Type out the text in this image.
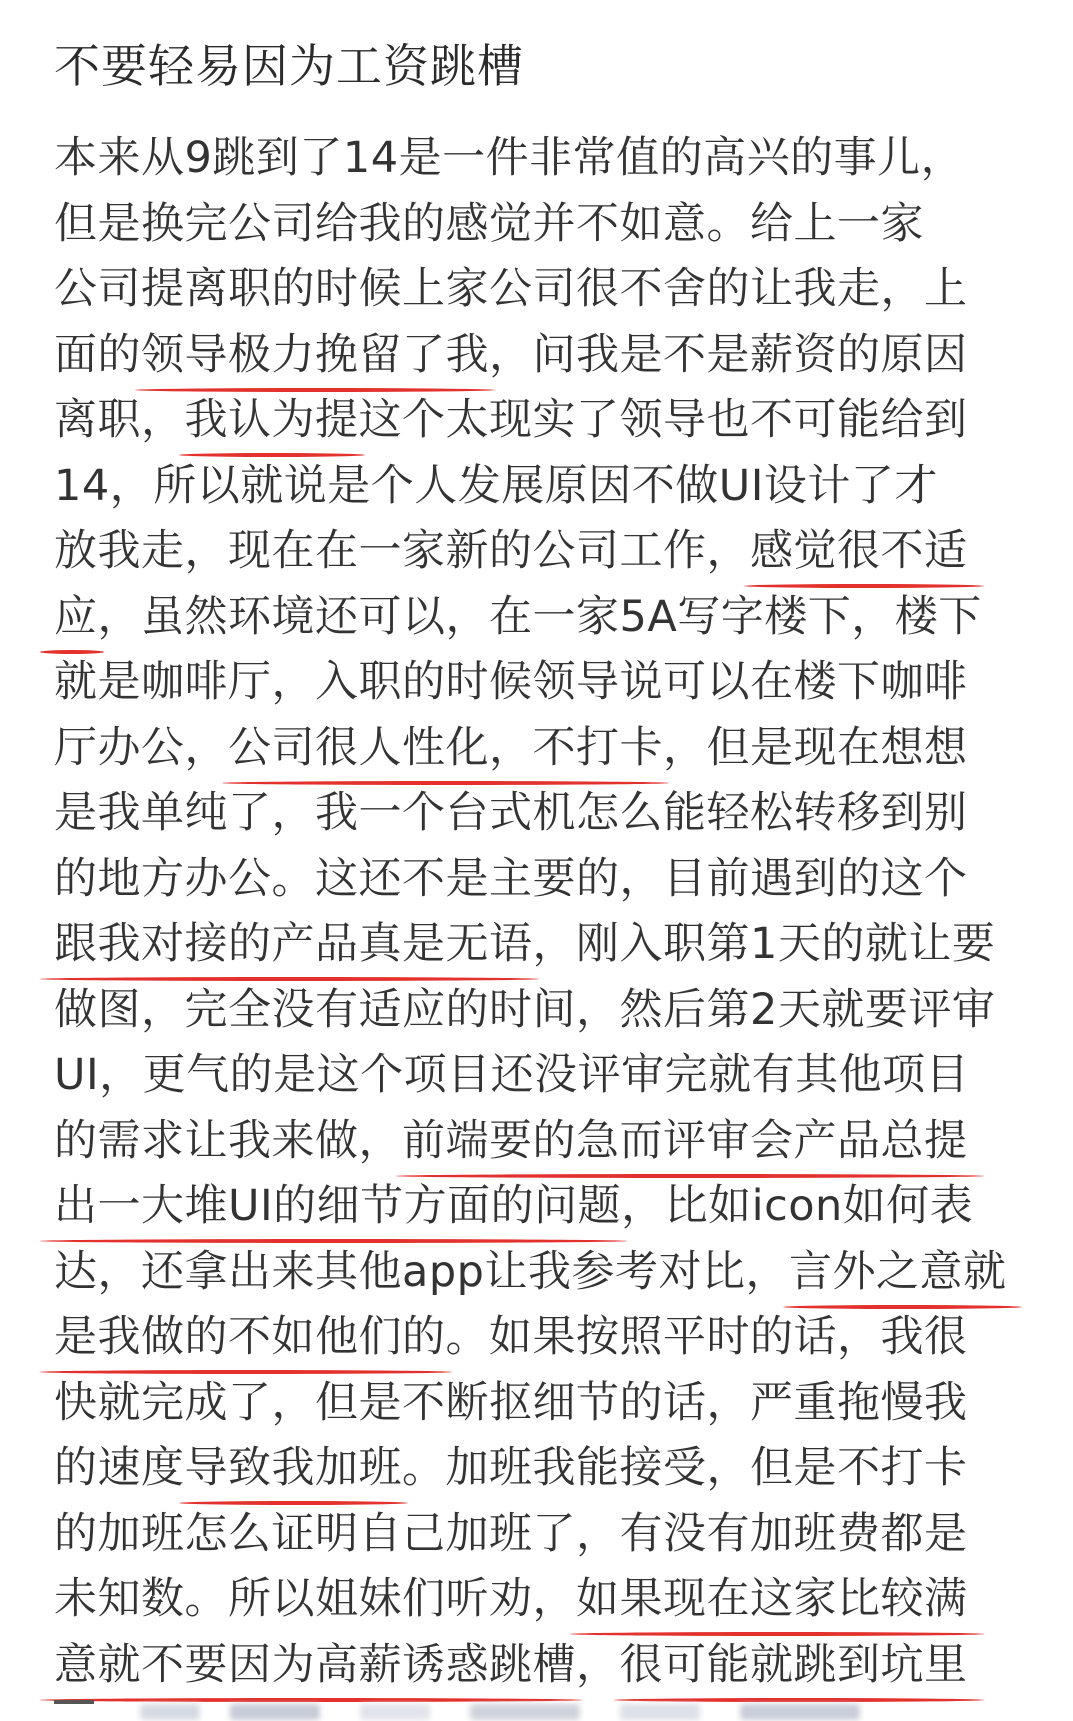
不要轻易因为工资跳槽
本来从9跳到了14是一件非常值的高兴的事儿，
但是换完公司给我的感觉并不如意。给上一家
公司提离职的时候上家公司很不舍的让我走，上
面的领导极力挽留了我，问我是不是薪资的原因
离职，我认为提这个太现实了领导也不可能给到
14，所以就说是个人发展原因不做UI设计了才
放我走，现在在一家新的公司工作，感觉很不适
应，虽然环境还可以，在一家5A写字楼下，楼下
就是咖啡厅，入职的时候领导说可以在楼下咖啡
厅办公，公司很人性化，不打卡，但是现在想想
是我单纯了，我一个台式机怎么能轻松转移到别
的地方办公。这还不是主要的，目前遇到的这个
跟我对接的产品真是无语，刚入职第1天的就让要
做图，完全没有适应的时间，然后第2天就要评审
UI，更气的是这个项目还没评审完就有其他项目
的需求让我来做，前端要的急而评审会产品总提
出一大堆UI的细节方面的问题，比如icon如何表
达，还拿出来其他app让我参考对比，言外之意就
是我做的不如他们的。如果按照平时的话，我很
快就完成了，但是不断抠细节的话，严重拖慢我
的速度导致我加班。加班我能接受，但是不打卡
的加班怎么证明自己加班了，有没有加班费都是
未知数。所以姐妹们听劝，如果现在这家比较满
意就不要因为高薪诱惑跳槽，很可能就跳到坑里
